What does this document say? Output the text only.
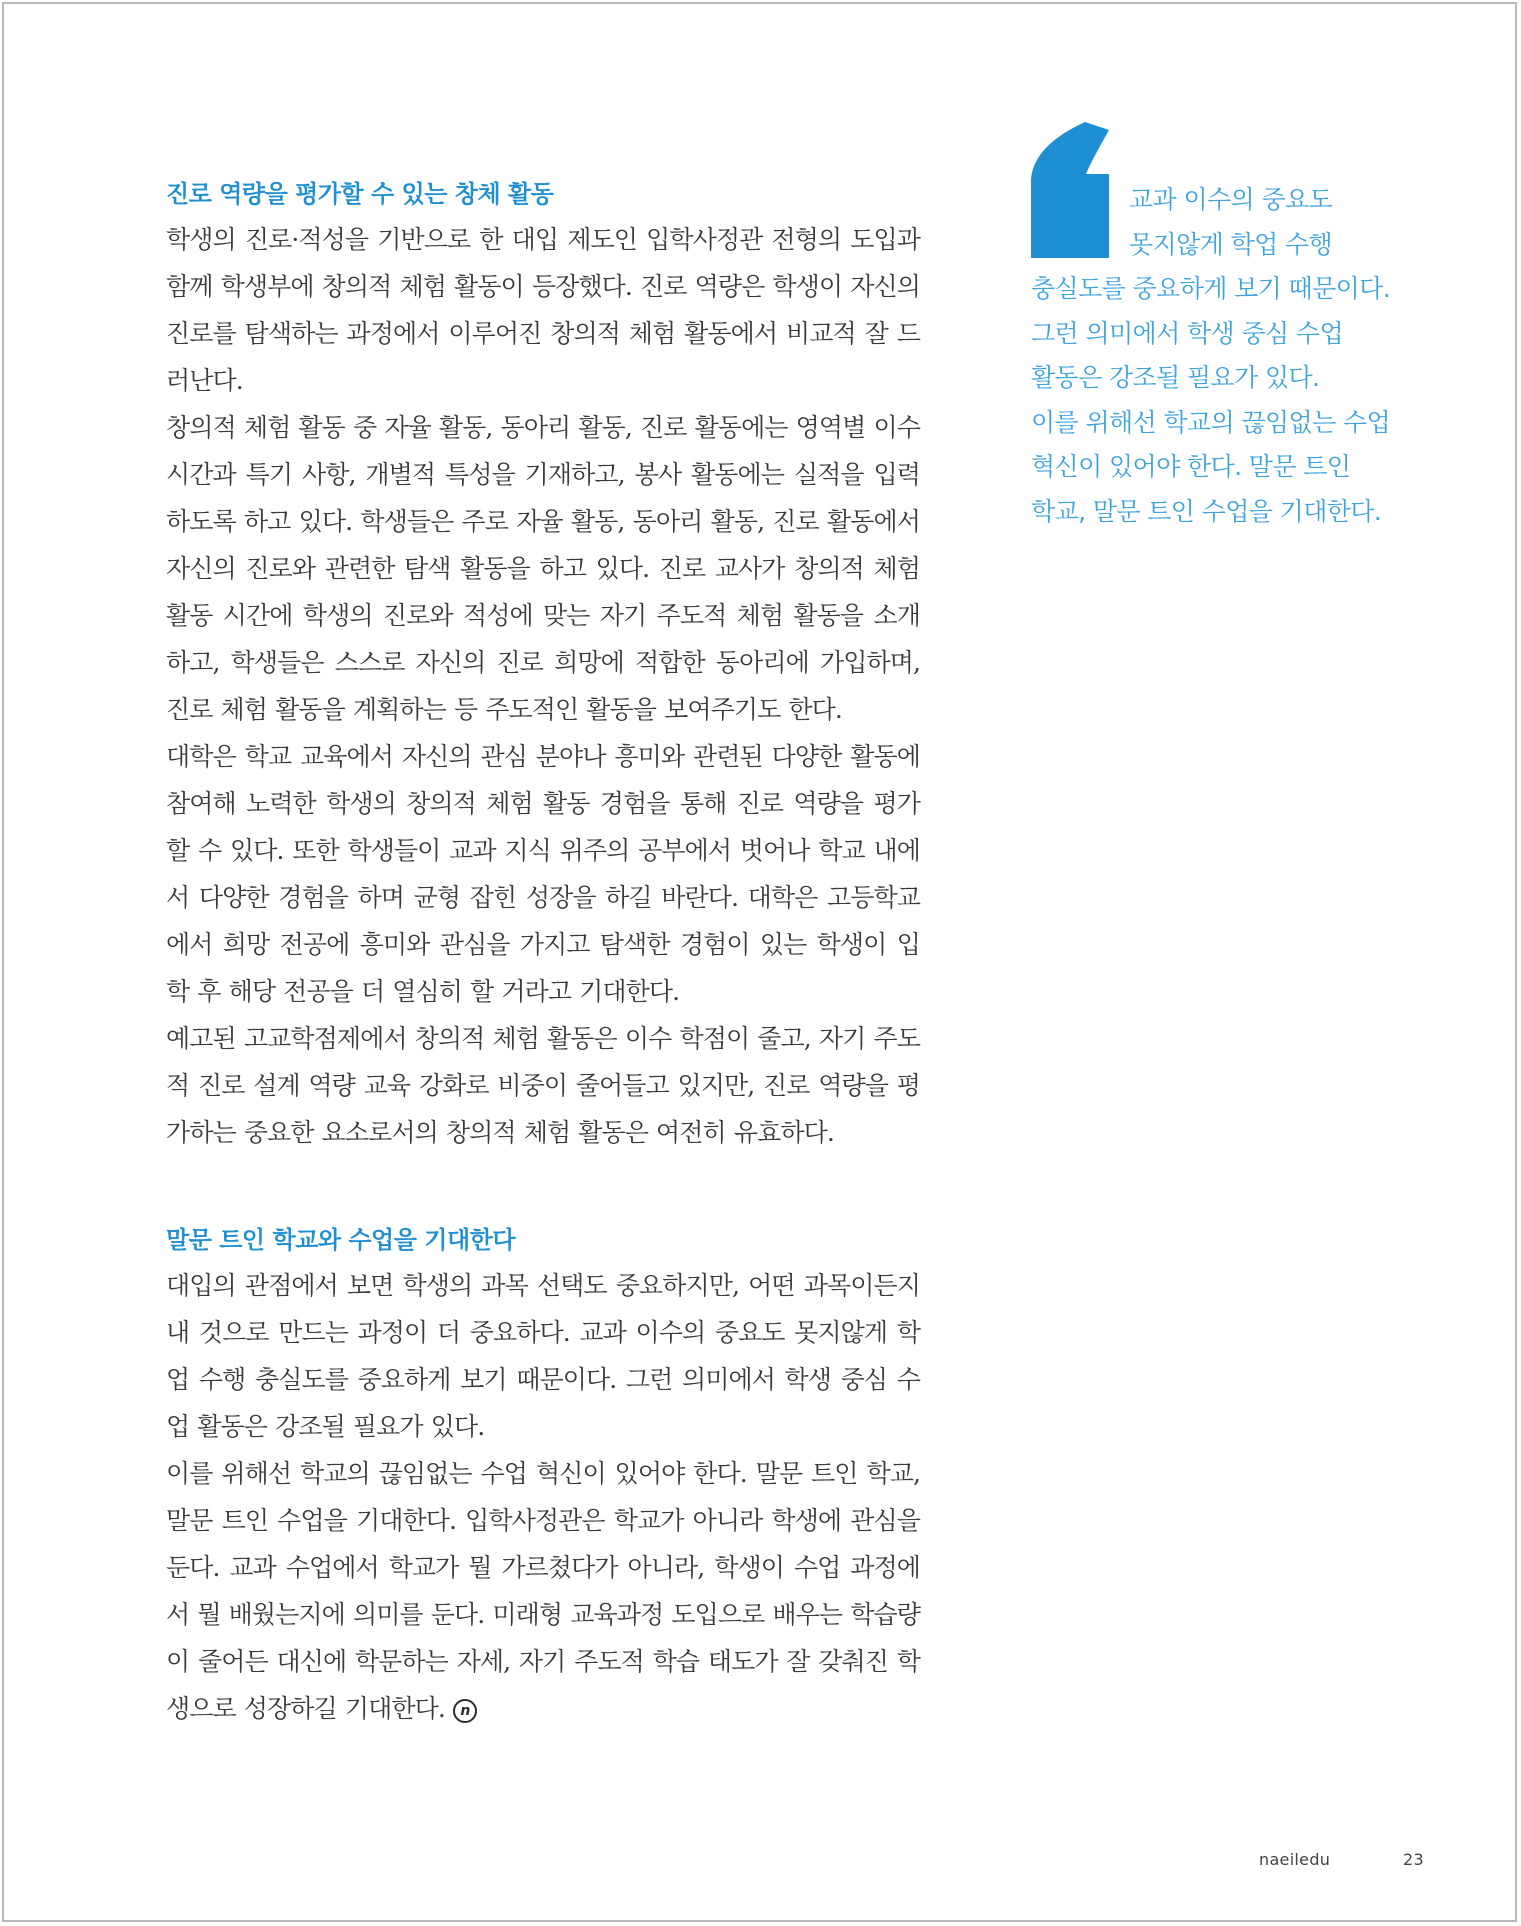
진로 역량을 평가할 수 있는 창체 활동

학생의 진로·적성을 기반으로 한 대입 제도인 입학사정관 전형의 도입과 함께 학생부에 창의적 체험 활동이 등장했다. 진로 역량은 학생이 자신의 진로를 탐색하는 과정에서 이루어진 창의적 체험 활동에서 비교적 잘 드러난다.

창의적 체험 활동 중 자율 활동, 동아리 활동, 진로 활동에는 영역별 이수 시간과 특기 사항, 개별적 특성을 기재하고, 봉사 활동에는 실적을 입력하도록 하고 있다. 학생들은 주로 자율 활동, 동아리 활동, 진로 활동에서 자신의 진로와 관련한 탐색 활동을 하고 있다. 진로 교사가 창의적 체험 활동 시간에 학생의 진로와 적성에 맞는 자기 주도적 체험 활동을 소개하고, 학생들은 스스로 자신의 진로 희망에 적합한 동아리에 가입하며, 진로 체험 활동을 계획하는 등 주도적인 활동을 보여주기도 한다.

대학은 학교 교육에서 자신의 관심 분야나 흥미와 관련된 다양한 활동에 참여해 노력한 학생의 창의적 체험 활동 경험을 통해 진로 역량을 평가할 수 있다. 또한 학생들이 교과 지식 위주의 공부에서 벗어나 학교 내에서 다양한 경험을 하며 균형 잡힌 성장을 하길 바란다. 대학은 고등학교에서 희망 전공에 흥미와 관심을 가지고 탐색한 경험이 있는 학생이 입학 후 해당 전공을 더 열심히 할 거라고 기대한다.

예고된 고교학점제에서 창의적 체험 활동은 이수 학점이 줄고, 자기 주도적 진로 설계 역량 교육 강화로 비중이 줄어들고 있지만, 진로 역량을 평가하는 중요한 요소로서의 창의적 체험 활동은 여전히 유효하다.

말문 트인 학교와 수업을 기대한다

대입의 관점에서 보면 학생의 과목 선택도 중요하지만, 어떤 과목이든지 내 것으로 만드는 과정이 더 중요하다. 교과 이수의 중요도 못지않게 학업 수행 충실도를 중요하게 보기 때문이다. 그런 의미에서 학생 중심 수업 활동은 강조될 필요가 있다.

이를 위해선 학교의 끊임없는 수업 혁신이 있어야 한다. 말문 트인 학교, 말문 트인 수업을 기대한다. 입학사정관은 학교가 아니라 학생에 관심을 둔다. 교과 수업에서 학교가 뭘 가르쳤다가 아니라, 학생이 수업 과정에서 뭘 배웠는지에 의미를 둔다. 미래형 교육과정 도입으로 배우는 학습량이 줄어든 대신에 학문하는 자세, 자기 주도적 학습 태도가 잘 갖춰진 학생으로 성장하길 기대한다. n

교과 이수의 중요도
못지않게 학업 수행
충실도를 중요하게 보기 때문이다.
그런 의미에서 학생 중심 수업
활동은 강조될 필요가 있다.
이를 위해선 학교의 끊임없는 수업
혁신이 있어야 한다. 말문 트인
학교, 말문 트인 수업을 기대한다.

naeiledu	23
